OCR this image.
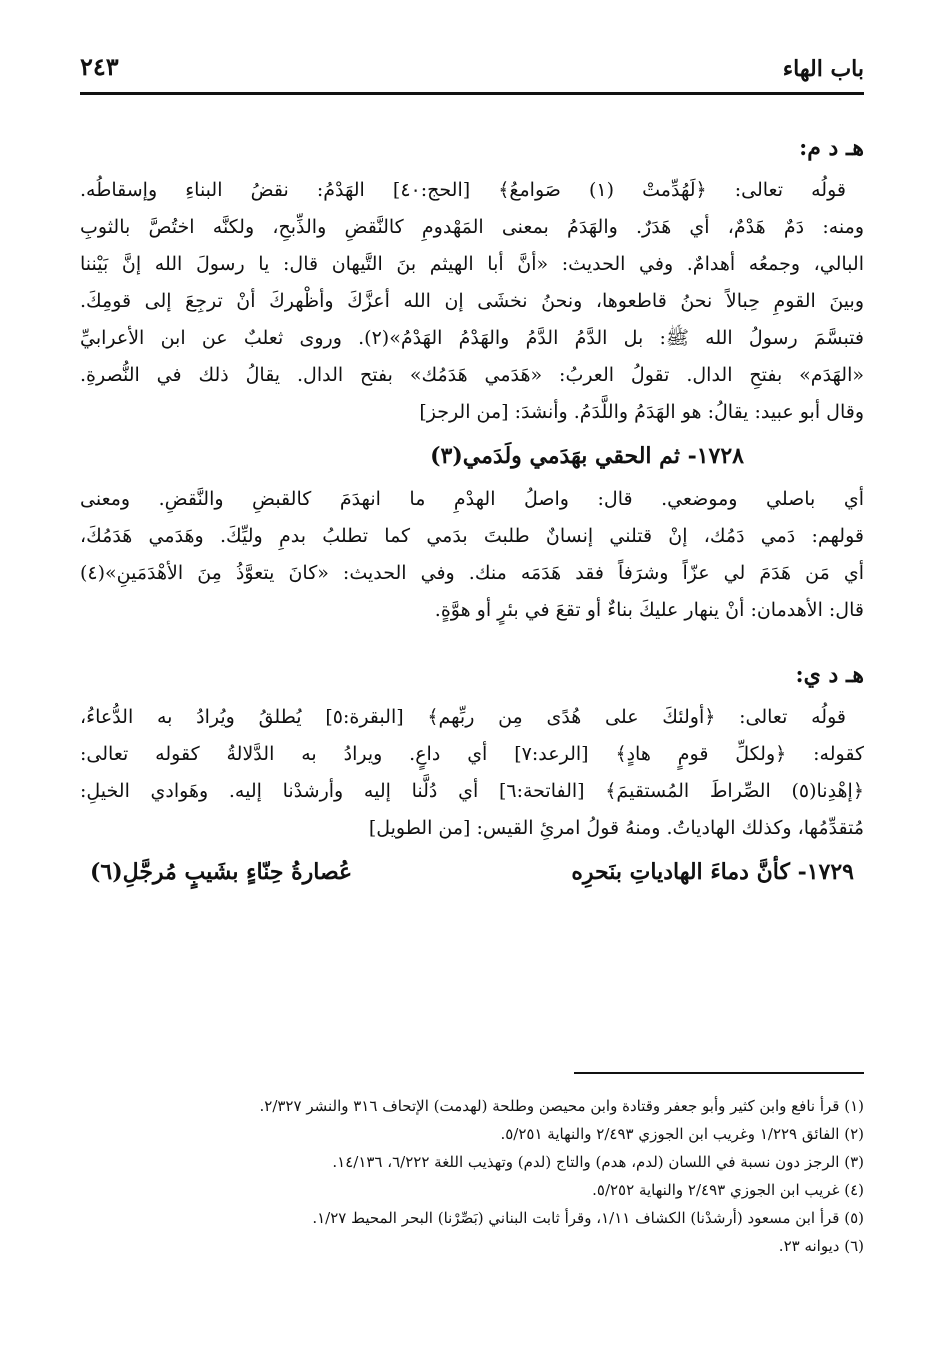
باب الهاء
٢٤٣
هـ د م:
قولُه تعالى: ﴿لَهُدِّمتْ (١) صَوامعُ﴾ [الحج:٤٠] الهَدْمُ: نقضُ البناءِ وإسقاطُه.
ومنه: دَمٌ هَدْمٌ، أي هَدَرٌ. والهَدَمُ بمعنى المَهْدومِ كالنَّقضِ والذِّبحِ، ولكنَّه اختُصَّ بالثوبِ
البالي، وجمعُه أهدامٌ. وفي الحديث: «أنَّ أبا الهيثم بنَ التَّيهان قال: يا رسولَ الله إنَّ بَيْننا
وبينَ القومِ حِبالاً نحنُ قاطعوها، ونحنُ نخشَى إن الله أعزَّكَ وأظْهركَ أنْ ترجِعَ إلى قومِكَ.
فتبسَّمَ رسولُ الله ﷺ: بل الدَّمُ الدَّمُ والهَدْمُ الهَدْمُ»(٢). وروى ثعلبٌ عن ابن الأعرابيِّ
«الهَدَم» بفتحِ الدال. تقولُ العربُ: «هَدَمي هَدَمُك» بفتح الدال. يقالُ ذلك في النُّصرةِ.
وقال أبو عبيد: يقالُ: هو الهَدَمُ واللَّدَمُ. وأنشدَ: [من الرجز]
١٧٢٨- ثم الحقي بهَدَمي ولَدَمي(٣)
أي باصلي وموضعي. قال: واصلُ الهدْمِ ما انهدَمَ كالقبضِ والنَّقضِ. ومعنى
قولهم: دَمي دَمُك، إنْ قتلني إنسانٌ طلبتَ بدَمي كما تطلبُ بدمِ وليِّكَ. وهَدَمي هَدَمُكَ،
أي مَن هَدَمَ لي عزّاً وشرَفاً فقد هَدَمَه منك. وفي الحديث: «كانَ يتعوَّذُ مِنَ الأهْدَمَينِ»(٤)
قال: الأهدمان: أنْ ينهار عليكَ بناءٌ أو تقعَ في بئرٍ أو هوَّةٍ.
هـ د ي:
قولُه تعالى: ﴿أولئكَ على هُدًى مِن ربِّهم﴾ [البقرة:٥] يُطلقُ ويُرادُ به الدُّعاءُ،
كقوله: ﴿ولكلِّ قومٍ هادٍ﴾ [الرعد:٧] أي داعٍ. ويرادُ به الدَّلالةُ كقوله تعالى:
﴿إهْدِنا(٥) الصِّراطَ المُستقيمَ﴾ [الفاتحة:٦] أي دُلَّنا إليه وأرشدْنا إليه. وهَوادي الخيلِ:
مُتقدِّمُها، وكذلك الهادياتُ. ومنهُ قولُ امرئِ القيس: [من الطويل]
١٧٢٩- كأنَّ دماءَ الهادياتِ بنَحرِه
عُصارةُ حِنّاءٍ بشَيبٍ مُرجَّلِ(٦)
(١) قرأ نافع وابن كثير وأبو جعفر وقتادة وابن محيصن وطلحة (لهدمت) الإتحاف ٣١٦ والنشر ٢/٣٢٧.
(٢) الفائق ١/٢٢٩ وغريب ابن الجوزي ٢/٤٩٣ والنهاية ٥/٢٥١.
(٣) الرجز دون نسبة في اللسان (لدم، هدم) والتاج (لدم) وتهذيب اللغة ٦/٢٢٢، ١٤/١٣٦.
(٤) غريب ابن الجوزي ٢/٤٩٣ والنهاية ٥/٢٥٢.
(٥) قرأ ابن مسعود (أرشدْنا) الكشاف ١/١١، وقرأ ثابت البناني (بَصِّرْنا) البحر المحيط ١/٢٧.
(٦) ديوانه ٢٣.
